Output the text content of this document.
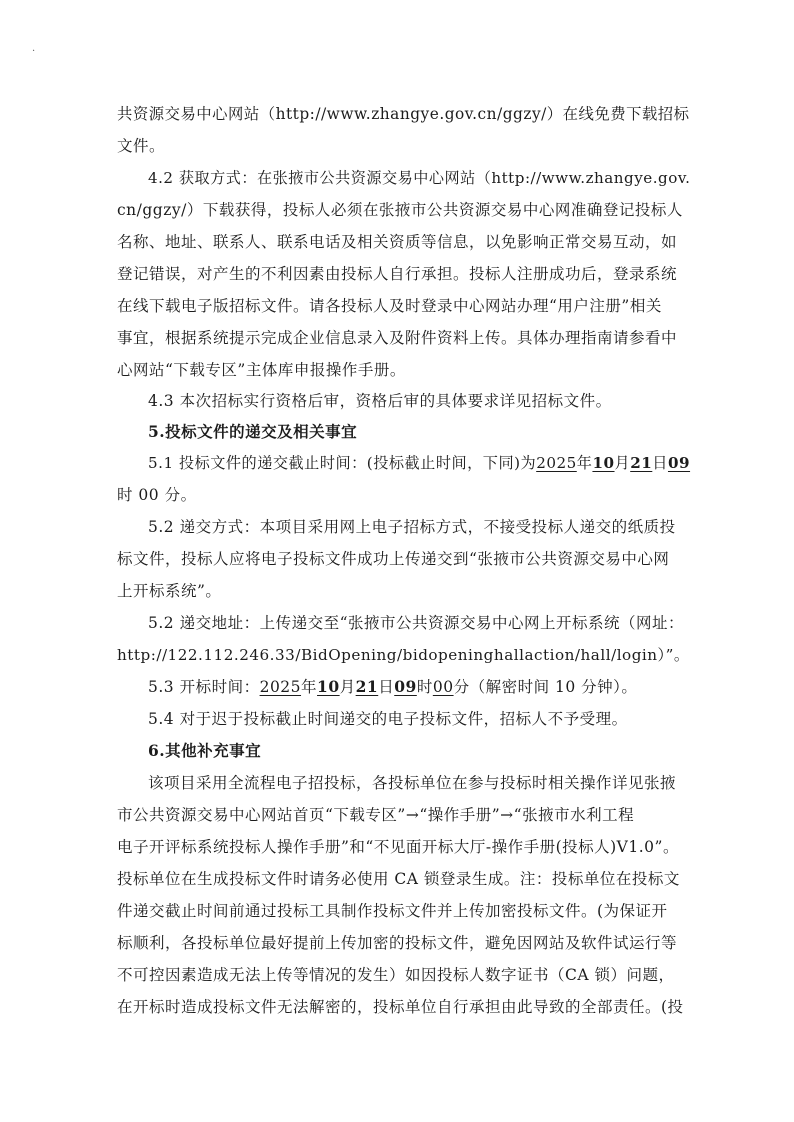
·
共资源交易中心网站（http://www.zhangye.gov.cn/ggzy/）在线免费下载招标
文件。
4.2 获取方式：在张掖市公共资源交易中心网站（http://www.zhangye.gov.
cn/ggzy/）下载获得，投标人必须在张掖市公共资源交易中心网准确登记投标人
名称、地址、联系人、联系电话及相关资质等信息，以免影响正常交易互动，如
登记错误，对产生的不利因素由投标人自行承担。投标人注册成功后，登录系统
在线下载电子版招标文件。请各投标人及时登录中心网站办理“用户注册”相关
事宜，根据系统提示完成企业信息录入及附件资料上传。具体办理指南请参看中
心网站“下载专区”主体库申报操作手册。
4.3 本次招标实行资格后审，资格后审的具体要求详见招标文件。
5.投标文件的递交及相关事宜
5.1 投标文件的递交截止时间：(投标截止时间，下同)为2025年10月21日09
时 00 分。
5.2 递交方式：本项目采用网上电子招标方式，不接受投标人递交的纸质投
标文件，投标人应将电子投标文件成功上传递交到“张掖市公共资源交易中心网
上开标系统”。
5.2 递交地址：上传递交至“张掖市公共资源交易中心网上开标系统（网址：
http://122.112.246.33/BidOpening/bidopeninghallaction/hall/login）”。
5.3 开标时间：2025年10月21日09时00分（解密时间 10 分钟）。
5.4 对于迟于投标截止时间递交的电子投标文件，招标人不予受理。
6.其他补充事宜
该项目采用全流程电子招投标，各投标单位在参与投标时相关操作详见张掖
市公共资源交易中心网站首页“下载专区”→“操作手册”→“张掖市水利工程
电子开评标系统投标人操作手册”和“不见面开标大厅-操作手册(投标人)V1.0”。
投标单位在生成投标文件时请务必使用 CA 锁登录生成。注：投标单位在投标文
件递交截止时间前通过投标工具制作投标文件并上传加密投标文件。(为保证开
标顺利，各投标单位最好提前上传加密的投标文件，避免因网站及软件试运行等
不可控因素造成无法上传等情况的发生）如因投标人数字证书（CA 锁）问题，
在开标时造成投标文件无法解密的，投标单位自行承担由此导致的全部责任。(投
